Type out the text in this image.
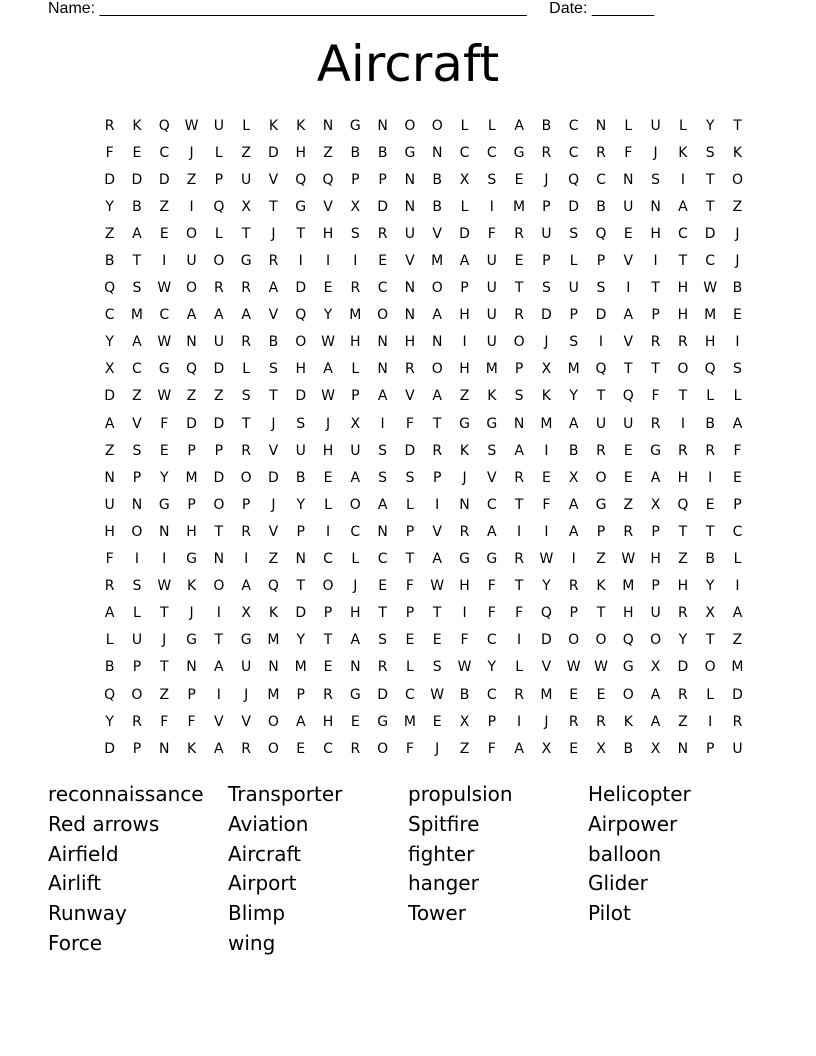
Name: ________________________________________________ Date: _______
Aircraft
R	K	Q	W	U	L	K	K	N	G	N	O	O	L	L	A	B	C	N	L	U	L	Y	T
F	E	C	J	L	Z	D	H	Z	B	B	G	N	C	C	G	R	C	R	F	J	K	S	K
D	D	D	Z	P	U	V	Q	Q	P	P	N	B	X	S	E	J	Q	C	N	S	I	T	O
Y	B	Z	I	Q	X	T	G	V	X	D	N	B	L	I	M	P	D	B	U	N	A	T	Z
Z	A	E	O	L	T	J	T	H	S	R	U	V	D	F	R	U	S	Q	E	H	C	D	J
B	T	I	U	O	G	R	I	I	I	E	V	M	A	U	E	P	L	P	V	I	T	C	J
Q	S	W	O	R	R	A	D	E	R	C	N	O	P	U	T	S	U	S	I	T	H	W	B
C	M	C	A	A	A	V	Q	Y	M	O	N	A	H	U	R	D	P	D	A	P	H	M	E
Y	A	W	N	U	R	B	O	W	H	N	H	N	I	U	O	J	S	I	V	R	R	H	I
X	C	G	Q	D	L	S	H	A	L	N	R	O	H	M	P	X	M	Q	T	T	O	Q	S
D	Z	W	Z	Z	S	T	D	W	P	A	V	A	Z	K	S	K	Y	T	Q	F	T	L	L
A	V	F	D	D	T	J	S	J	X	I	F	T	G	G	N	M	A	U	U	R	I	B	A
Z	S	E	P	P	R	V	U	H	U	S	D	R	K	S	A	I	B	R	E	G	R	R	F
N	P	Y	M	D	O	D	B	E	A	S	S	P	J	V	R	E	X	O	E	A	H	I	E
U	N	G	P	O	P	J	Y	L	O	A	L	I	N	C	T	F	A	G	Z	X	Q	E	P
H	O	N	H	T	R	V	P	I	C	N	P	V	R	A	I	I	A	P	R	P	T	T	C
F	I	I	G	N	I	Z	N	C	L	C	T	A	G	G	R	W	I	Z	W	H	Z	B	L
R	S	W	K	O	A	Q	T	O	J	E	F	W	H	F	T	Y	R	K	M	P	H	Y	I
A	L	T	J	I	X	K	D	P	H	T	P	T	I	F	F	Q	P	T	H	U	R	X	A
L	U	J	G	T	G	M	Y	T	A	S	E	E	F	C	I	D	O	O	Q	O	Y	T	Z
B	P	T	N	A	U	N	M	E	N	R	L	S	W	Y	L	V	W	W	G	X	D	O	M
Q	O	Z	P	I	J	M	P	R	G	D	C	W	B	C	R	M	E	E	O	A	R	L	D
Y	R	F	F	V	V	O	A	H	E	G	M	E	X	P	I	J	R	R	K	A	Z	I	R
D	P	N	K	A	R	O	E	C	R	O	F	J	Z	F	A	X	E	X	B	X	N	P	U
reconnaissance	Transporter	propulsion	Helicopter
Red arrows	Aviation	Spitfire	Airpower
Airfield	Aircraft	fighter	balloon
Airlift	Airport	hanger	Glider
Runway	Blimp	Tower	Pilot
Force	wing
